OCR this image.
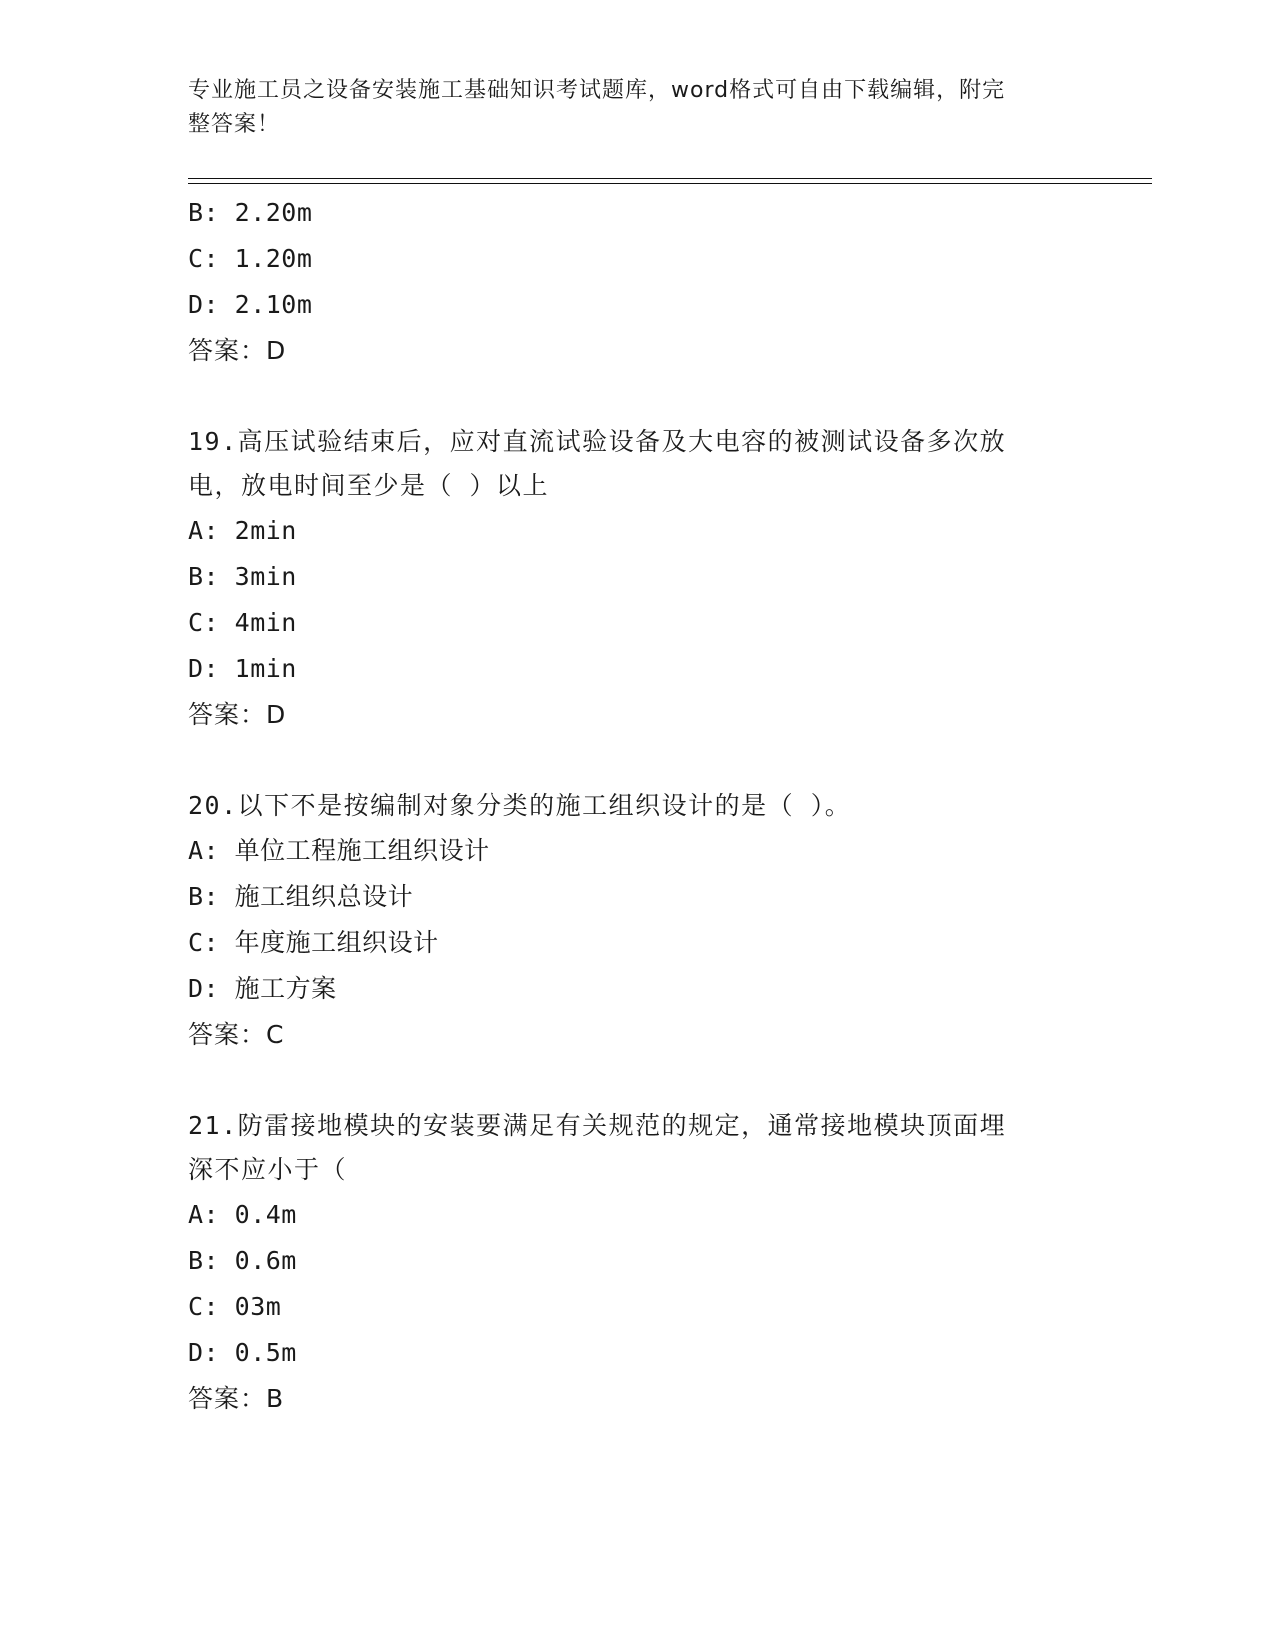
专业施工员之设备安装施工基础知识考试题库，word格式可自由下载编辑，附完
整答案！
B: 2.20m
C: 1.20m
D: 2.10m
答案：D
19.高压试验结束后，应对直流试验设备及大电容的被测试设备多次放
电，放电时间至少是（ ）以上
A: 2min
B: 3min
C: 4min
D: 1min
答案：D
20.以下不是按编制对象分类的施工组织设计的是（ ）。
A: 单位工程施工组织设计
B: 施工组织总设计
C: 年度施工组织设计
D: 施工方案
答案：C
21.防雷接地模块的安装要满足有关规范的规定，通常接地模块顶面埋
深不应小于（
A: 0.4m
B: 0.6m
C: 03m
D: 0.5m
答案：B
